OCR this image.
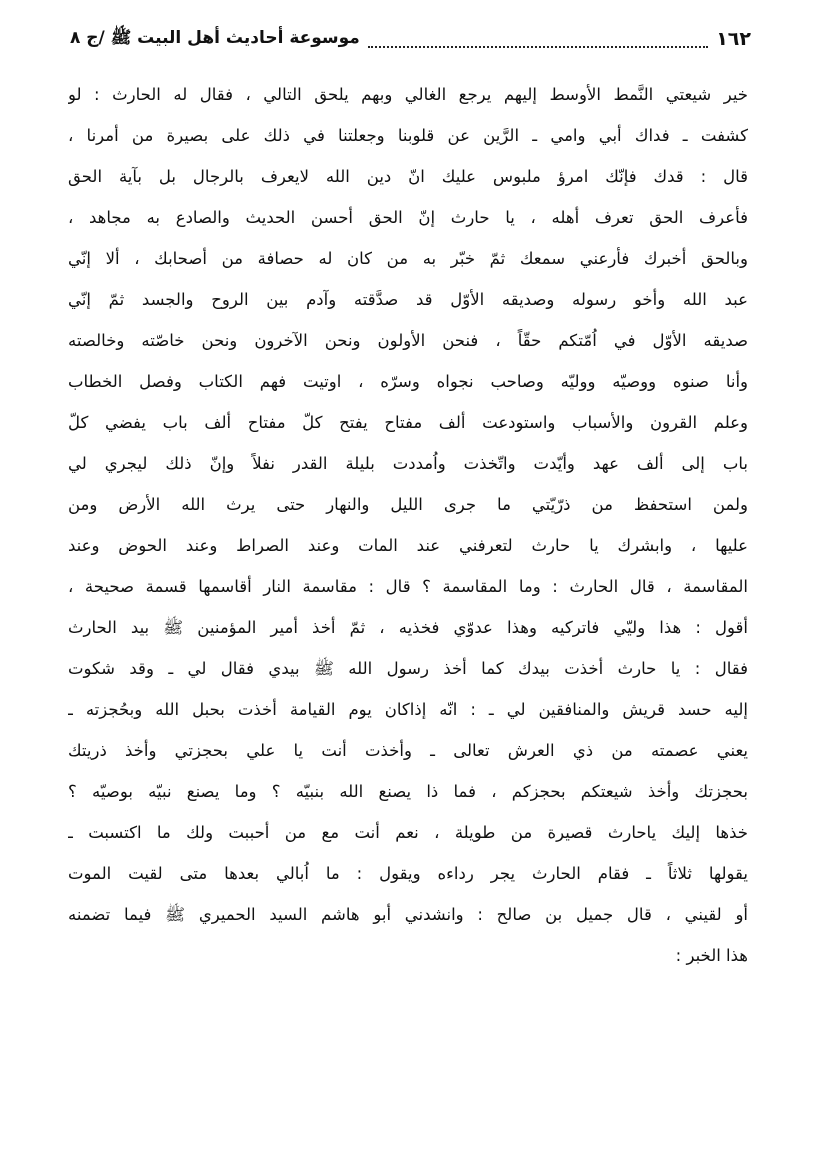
١٦٢
موسوعة أحاديث أهل البيت ﷺ /ج ٨
خير شيعتي النَّمط الأوسط إليهم يرجع الغالي وبهم يلحق التالي ، فقال له الحارث : لو
كشفت ـ فداك أبي وامي ـ الرَّين عن قلوبنا وجعلتنا في ذلك على بصيرة من أمرنا ،
قال : قدك فإنّك امرؤ ملبوس عليك انّ دين الله لايعرف بالرجال بل بآية الحق
فأعرف الحق تعرف أهله ، يا حارث إنّ الحق أحسن الحديث والصادع به مجاهد ،
وبالحق أخبرك فأرعني سمعك ثمّ خبّر به من كان له حصافة من أصحابك ، ألا إنّي
عبد الله وأخو رسوله وصديقه الأوّل قد صدَّقته وآدم بين الروح والجسد ثمّ إنّي
صديقه الأوّل في اُمّتكم حقّاً ، فنحن الأولون ونحن الآخرون ونحن خاصّته وخالصته
وأنا صنوه ووصيّه ووليّه وصاحب نجواه وسرّه ، اوتيت فهم الكتاب وفصل الخطاب
وعلم القرون والأسباب واستودعت ألف مفتاح يفتح كلّ مفتاح ألف باب يفضي كلّ
باب إلى ألف عهد وأيّدت واتّخذت واُمددت بليلة القدر نفلاً وإنّ ذلك ليجري لي
ولمن استحفظ من ذرّيّتي ما جرى الليل والنهار حتى يرث الله الأرض ومن
عليها ، وابشرك يا حارث لتعرفني عند المات وعند الصراط وعند الحوض وعند
المقاسمة ، قال الحارث : وما المقاسمة ؟ قال : مقاسمة النار أقاسمها قسمة صحيحة ،
أقول : هذا وليّي فاتركيه وهذا عدوّي فخذيه ، ثمّ أخذ أمير المؤمنين ﷺ بيد الحارث
فقال : يا حارث أخذت بيدك كما أخذ رسول الله ﷺ بيدي فقال لي ـ وقد شكوت
إليه حسد قريش والمنافقين لي ـ : انّه إذاكان يوم القيامة أخذت بحبل الله وبحُجزته ـ
يعني عصمته من ذي العرش تعالى ـ وأخذت أنت يا علي بحجزتي وأخذ ذريتك
بحجزتك وأخذ شيعتكم بحجزكم ، فما ذا يصنع الله بنبيّه ؟ وما يصنع نبيّه بوصيّه ؟
خذها إليك ياحارث قصيرة من طويلة ، نعم أنت مع من أحببت ولك ما اكتسبت ـ
يقولها ثلاثاً ـ فقام الحارث يجر رداءه ويقول : ما اُبالي بعدها متى لقيت الموت
أو لقيني ، قال جميل بن صالح : وانشدني أبو هاشم السيد الحميري ﷺ فيما تضمنه
هذا الخبر :
